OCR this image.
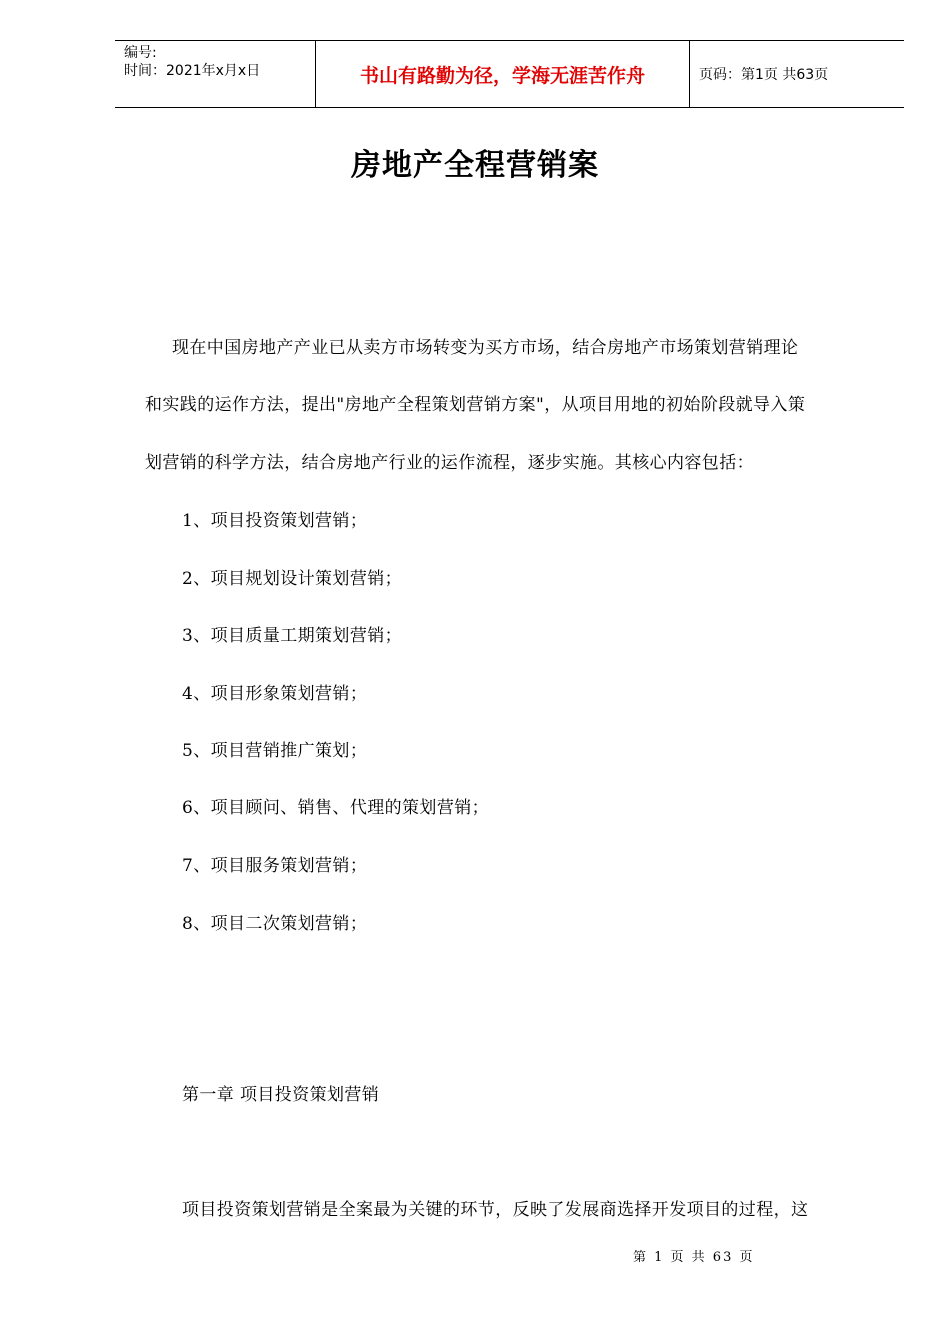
编号:
时间：2021年x月x日	书山有路勤为径，学海无涯苦作舟	页码：第1页 共63页
房地产全程营销案
现在中国房地产产业已从卖方市场转变为买方市场，结合房地产市场策划营销理论
和实践的运作方法，提出"房地产全程策划营销方案"，从项目用地的初始阶段就导入策
划营销的科学方法，结合房地产行业的运作流程，逐步实施。其核心内容包括：
1、项目投资策划营销；
2、项目规划设计策划营销；
3、项目质量工期策划营销；
4、项目形象策划营销；
5、项目营销推广策划；
6、项目顾问、销售、代理的策划营销；
7、项目服务策划营销；
8、项目二次策划营销；
第一章 项目投资策划营销
项目投资策划营销是全案最为关键的环节，反映了发展商选择开发项目的过程，这
第 1 页 共 63 页
